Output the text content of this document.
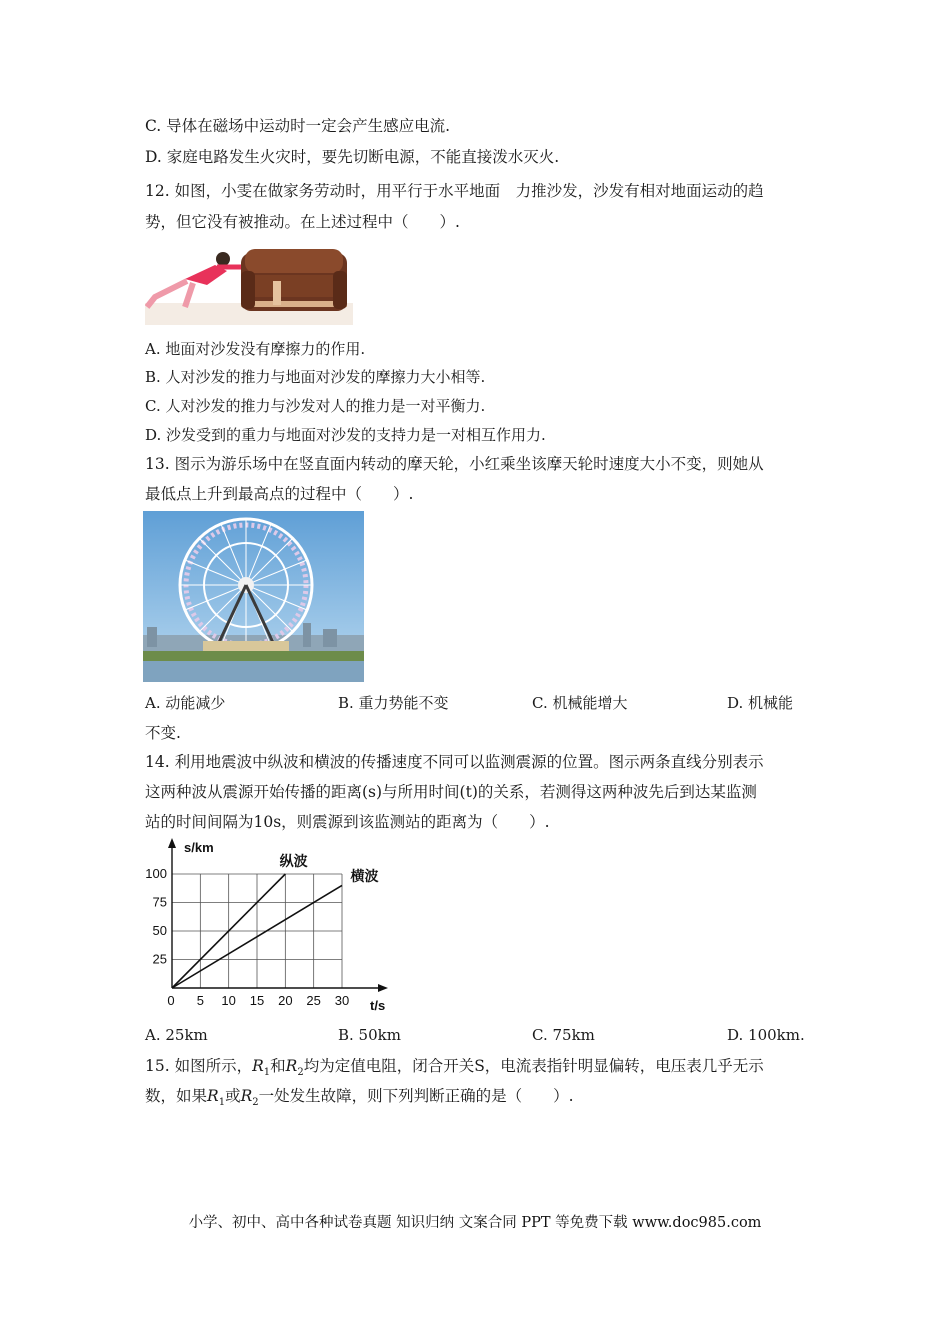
C. 导体在磁场中运动时一定会产生感应电流.
D. 家庭电路发生火灾时，要先切断电源，不能直接泼水灭火.
12. 如图，小雯在做家务劳动时，用平行于水平地面　力推沙发，沙发有相对地面运动的趋
势，但它没有被推动。在上述过程中（　　）.
A. 地面对沙发没有摩擦力的作用.
B. 人对沙发的推力与地面对沙发的摩擦力大小相等.
C. 人对沙发的推力与沙发对人的推力是一对平衡力.
D. 沙发受到的重力与地面对沙发的支持力是一对相互作用力.
13. 图示为游乐场中在竖直面内转动的摩天轮，小红乘坐该摩天轮时速度大小不变，则她从
最低点上升到最高点的过程中（　　）.
A. 动能减少	B. 重力势能不变	C. 机械能增大	D. 机械能
不变.
14. 利用地震波中纵波和横波的传播速度不同可以监测震源的位置。图示两条直线分别表示
这两种波从震源开始传播的距离(s)与所用时间(t)的关系，若测得这两种波先后到达某监测
站的时间间隔为10s，则震源到该监测站的距离为（　　）.
0 5 10 15 20 25 30
25
50
75
100
t/s
s/km
纵波
横波
A. 25km	B. 50km	C. 75km	D. 100km.
15. 如图所示，$R_1$和$R_2$均为定值电阻，闭合开关S，电流表指针明显偏转，电压表几乎无示
数，如果$R_1$或$R_2$一处发生故障，则下列判断正确的是（　　）.
小学、初中、高中各种试卷真题 知识归纳 文案合同 PPT 等免费下载 www.doc985.com
